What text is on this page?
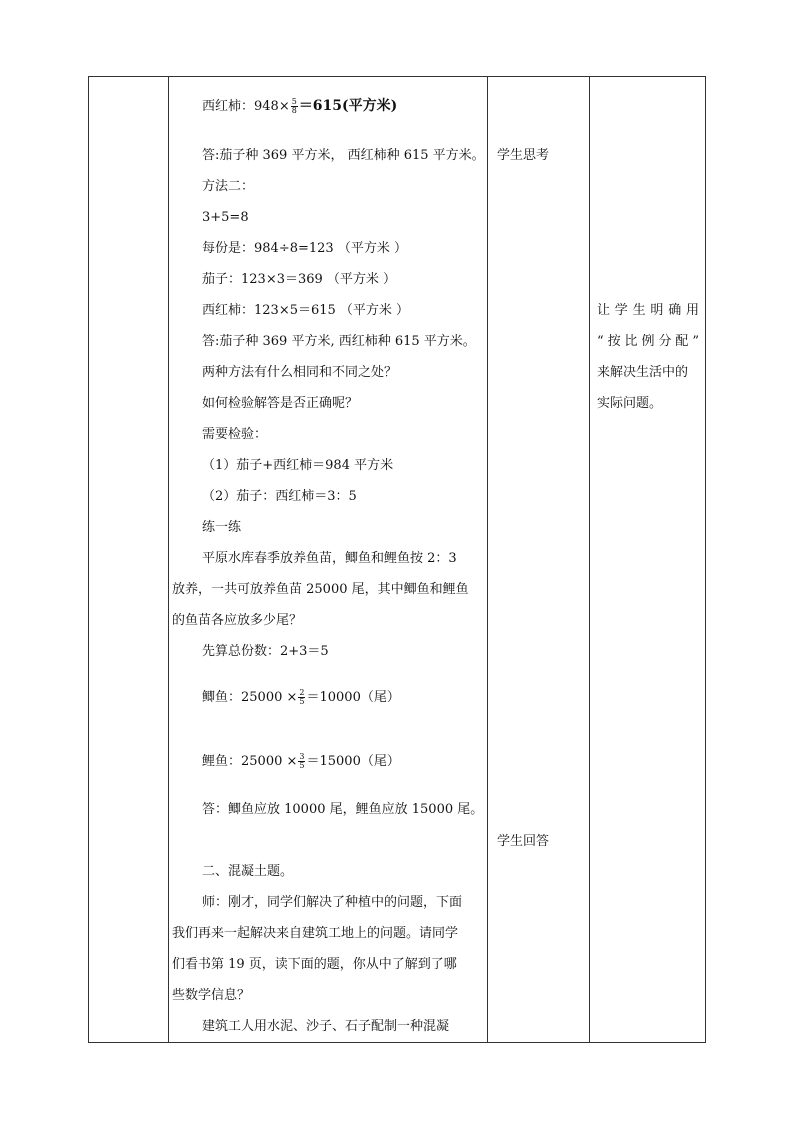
西红柿：$948\times \frac{5}{8} =615$(平方米)
答:茄子种 369 平方米， 西红柿种 615 平方米。
方法二：
3+5=8
每份是：984÷8=123 （平方米 ）
茄子：123×3＝369 （平方米 ）
西红柿：123×5＝615 （平方米 ）
答:茄子种 369 平方米, 西红柿种 615 平方米。
两种方法有什么相同和不同之处？
如何检验解答是否正确呢？
需要检验：
（1）茄子+西红柿＝984 平方米
（2）茄子：西红柿＝3：5
练一练
平原水库春季放养鱼苗，鲫鱼和鲤鱼按 2：3
放养，一共可放养鱼苗 25000 尾，其中鲫鱼和鲤鱼
的鱼苗各应放多少尾？
先算总份数：2+3＝5
鲫鱼：$25000 \times \frac{2}{5} =10000$（尾）
鲤鱼：$25000 \times \frac{3}{5} =15000$（尾）
答：鲫鱼应放 10000 尾，鲤鱼应放 15000 尾。
二、混凝土题。
师：刚才，同学们解决了种植中的问题，下面
我们再来一起解决来自建筑工地上的问题。请同学
们看书第 19 页，读下面的题，你从中了解到了哪
些数学信息？
建筑工人用水泥、沙子、石子配制一种混凝
学生思考
学生回答
让学生明确用
“按比例分配”
来解决生活中的
实际问题。
